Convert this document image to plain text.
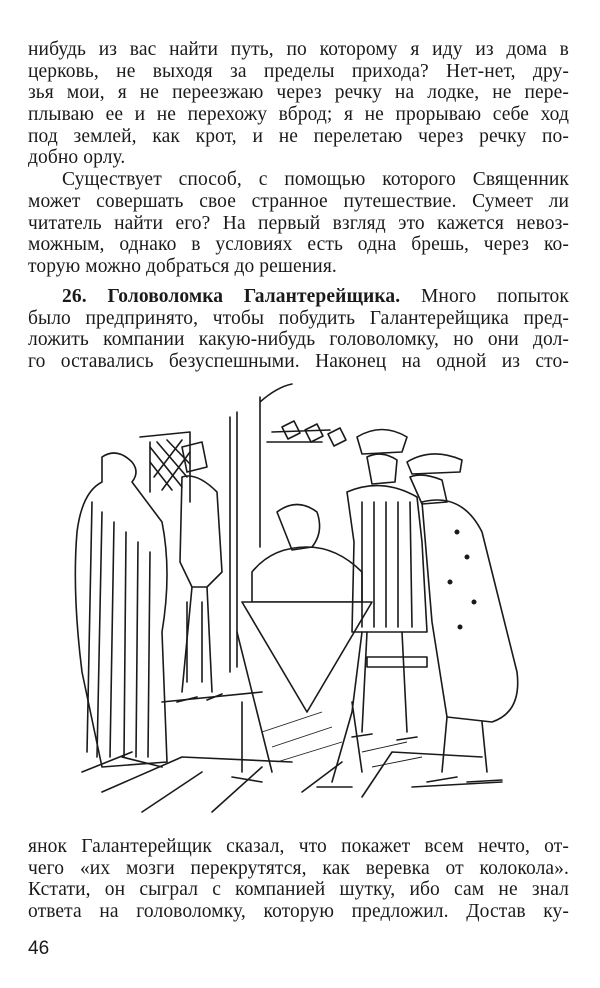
нибудь из вас найти путь, по которому я иду из дома в
церковь, не выходя за пределы прихода? Нет-нет, дру-
зья мои, я не переезжаю через речку на лодке, не пере-
плываю ее и не перехожу вброд; я не прорываю себе ход
под землей, как крот, и не перелетаю через речку по-
добно орлу.
Существует способ, с помощью которого Священник
может совершать свое странное путешествие. Сумеет ли
читатель найти его? На первый взгляд это кажется невоз-
можным, однако в условиях есть одна брешь, через ко-
торую можно добраться до решения.
26. Головоломка Галантерейщика. Много попыток
было предпринято, чтобы побудить Галантерейщика пред-
ложить компании какую-нибудь головоломку, но они дол-
го оставались безуспешными. Наконец на одной из сто-
янок Галантерейщик сказал, что покажет всем нечто, от-
чего «их мозги перекрутятся, как веревка от колокола».
Кстати, он сыграл с компанией шутку, ибо сам не знал
ответа на головоломку, которую предложил. Достав ку-
46
